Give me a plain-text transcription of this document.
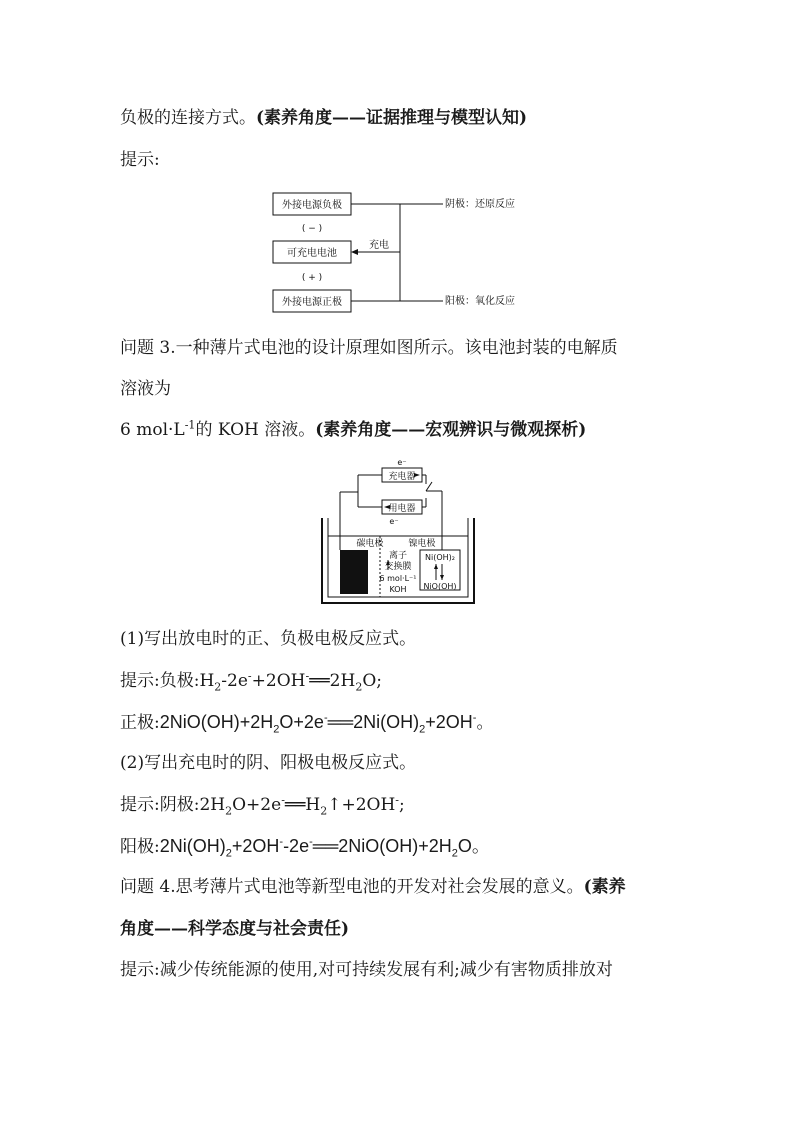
负极的连接方式。(素养角度——证据推理与模型认知)
提示:
外接电源负极
可充电电池
外接电源正极
( − )
( + )
充电
阴极：还原反应
阳极：氧化反应
问题 3.一种薄片式电池的设计原理如图所示。该电池封装的电解质
溶液为
6 $mol\cdot L^{-1}$的 KOH 溶液。(素养角度——宏观辨识与微观探析)
e⁻
充电器
用电器
e⁻
碳电极	镍电极
离子
交换膜
6 mol·L⁻¹
KOH
Ni(OH)₂
NiO(OH)
(1)写出放电时的正、负极电极反应式。
提示:负极$:H_2-2e^-+2OH^-══2H_2O$;
正极$:2NiO(OH)+2H_2O+2e^-══2Ni(OH)_2+2OH^-$。
(2)写出充电时的阴、阳极电极反应式。
提示:阴极$:2H_2O+2e^-══H_2↑+2OH^-$;
阳极$:2Ni(OH)_2+2OH^--2e^-══2NiO(OH)+2H_2O$。
问题 4.思考薄片式电池等新型电池的开发对社会发展的意义。(素养
角度——科学态度与社会责任)
提示:减少传统能源的使用,对可持续发展有利;减少有害物质排放对
